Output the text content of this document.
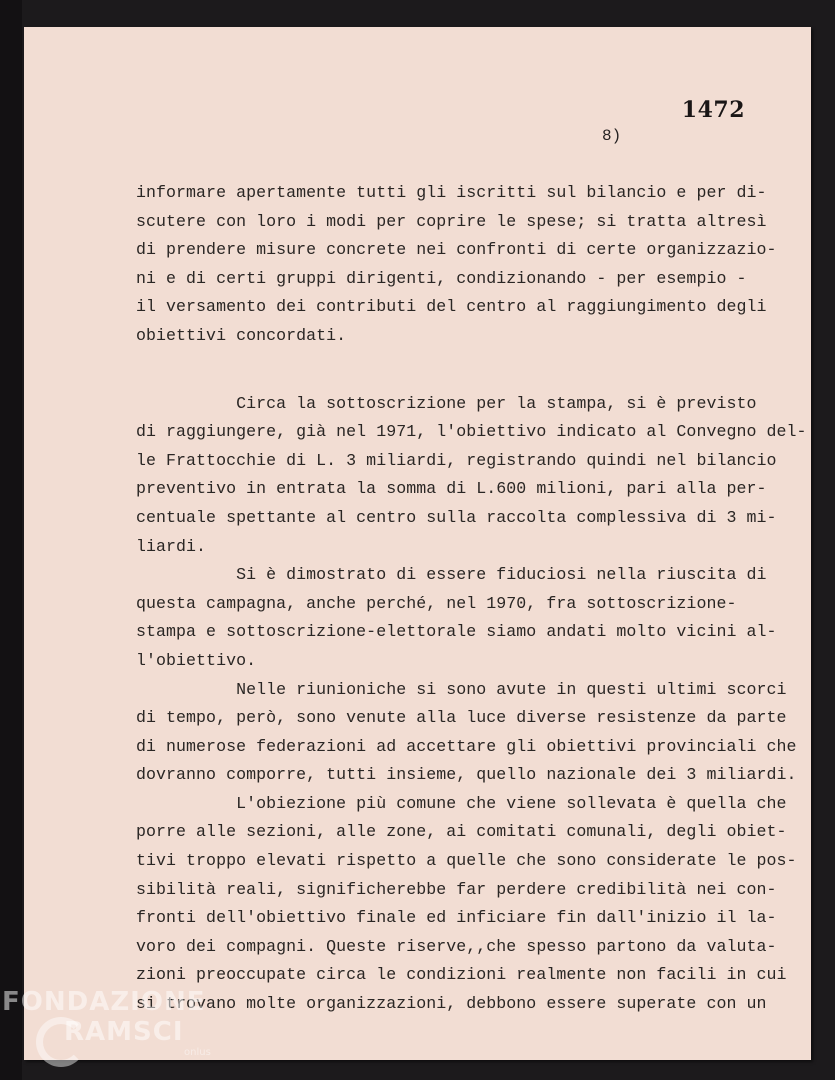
1472
8)
informare apertamente tutti gli iscritti sul bilancio e per di-
scutere con loro i modi per coprire le spese; si tratta altresì
di prendere misure concrete nei confronti di certe organizzazio-
ni e di certi gruppi dirigenti, condizionando - per esempio -
il versamento dei contributi del centro al raggiungimento degli
obiettivi concordati.
Circa la sottoscrizione per la stampa, si è previsto
di raggiungere, già nel 1971, l'obiettivo indicato al Convegno del-
le Frattocchie di L. 3 miliardi, registrando quindi nel bilancio
preventivo in entrata la somma di L.600 milioni, pari alla per-
centuale spettante al centro sulla raccolta complessiva di 3 mi-
liardi.
Si è dimostrato di essere fiduciosi nella riuscita di
questa campagna, anche perché, nel 1970, fra sottoscrizione-
stampa e sottoscrizione-elettorale siamo andati molto vicini al-
l'obiettivo.
Nelle riunioniche si sono avute in questi ultimi scorci
di tempo, però, sono venute alla luce diverse resistenze da parte
di numerose federazioni ad accettare gli obiettivi provinciali che
dovranno comporre, tutti insieme, quello nazionale dei 3 miliardi.
L'obiezione più comune che viene sollevata è quella che
porre alle sezioni, alle zone, ai comitati comunali, degli obiet-
tivi troppo elevati rispetto a quelle che sono considerate le pos-
sibilità reali, significherebbe far perdere credibilità nei con-
fronti dell'obiettivo finale ed inficiare fin dall'inizio il la-
voro dei compagni. Queste riserve,,che spesso partono da valuta-
zioni preoccupate circa le condizioni realmente non facili in cui
si trovano molte organizzazioni, debbono essere superate con un
FONDAZIONE
RAMSCI
onlus
